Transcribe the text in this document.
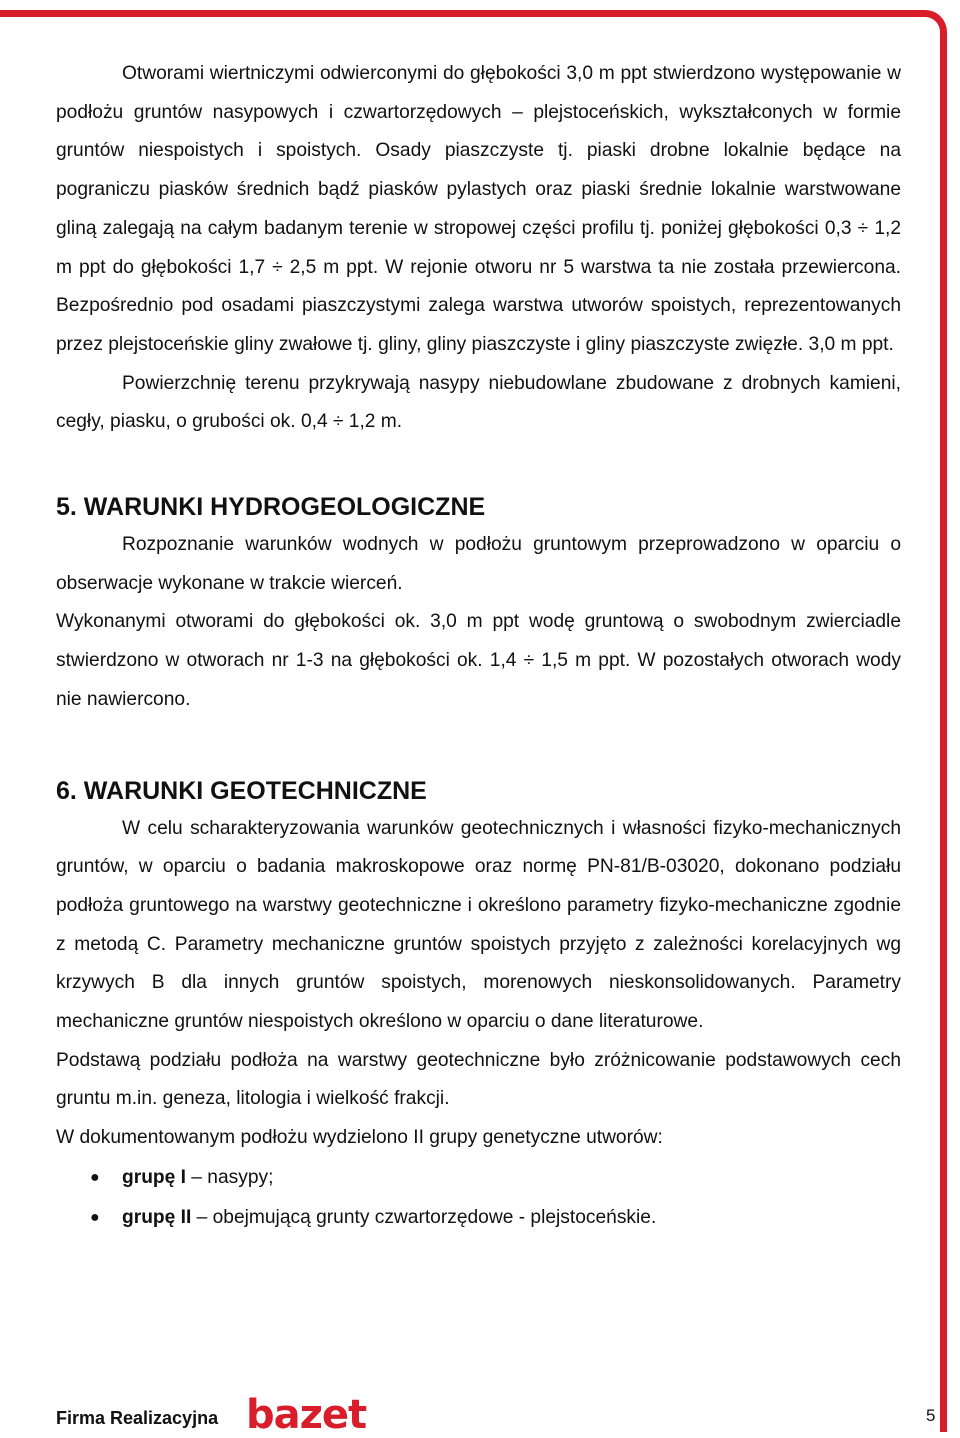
Otworami wiertniczymi odwierconymi do głębokości 3,0 m ppt stwierdzono występowanie w podłożu gruntów nasypowych i czwartorzędowych – plejstoceńskich, wykształconych w formie gruntów niespoistych i spoistych. Osady piaszczyste tj. piaski drobne lokalnie będące na pograniczu piasków średnich bądź piasków pylastych oraz piaski średnie lokalnie warstwowane gliną zalegają na całym badanym terenie w stropowej części profilu tj. poniżej głębokości 0,3 ÷ 1,2 m ppt do głębokości 1,7 ÷ 2,5 m ppt. W rejonie otworu nr 5 warstwa ta nie została przewiercona. Bezpośrednio pod osadami piaszczystymi zalega warstwa utworów spoistych, reprezentowanych przez plejstoceńskie gliny zwałowe tj. gliny, gliny piaszczyste i gliny piaszczyste zwięzłe. 3,0 m ppt.

Powierzchnię terenu przykrywają nasypy niebudowlane zbudowane z drobnych kamieni, cegły, piasku, o grubości ok. 0,4 ÷ 1,2 m.

5. WARUNKI HYDROGEOLOGICZNE

Rozpoznanie warunków wodnych w podłożu gruntowym przeprowadzono w oparciu o obserwacje wykonane w trakcie wierceń.

Wykonanymi otworami do głębokości ok. 3,0 m ppt wodę gruntową o swobodnym zwierciadle stwierdzono w otworach nr 1-3 na głębokości ok. 1,4 ÷ 1,5 m ppt. W pozostałych otworach wody nie nawiercono.

6. WARUNKI GEOTECHNICZNE

W celu scharakteryzowania warunków geotechnicznych i własności fizyko-mechanicznych gruntów, w oparciu o badania makroskopowe oraz normę PN-81/B-03020, dokonano podziału podłoża gruntowego na warstwy geotechniczne i określono parametry fizyko-mechaniczne zgodnie z metodą C. Parametry mechaniczne gruntów spoistych przyjęto z zależności korelacyjnych wg krzywych B dla innych gruntów spoistych, morenowych nieskonsolidowanych. Parametry mechaniczne gruntów niespoistych określono w oparciu o dane literaturowe.

Podstawą podziału podłoża na warstwy geotechniczne było zróżnicowanie podstawowych cech gruntu m.in. geneza, litologia i wielkość frakcji.

W dokumentowanym podłożu wydzielono II grupy genetyczne utworów:

● grupę I – nasypy;
● grupę II – obejmującą grunty czwartorzędowe - plejstoceńskie.
Firma Realizacyjna bazet	5
